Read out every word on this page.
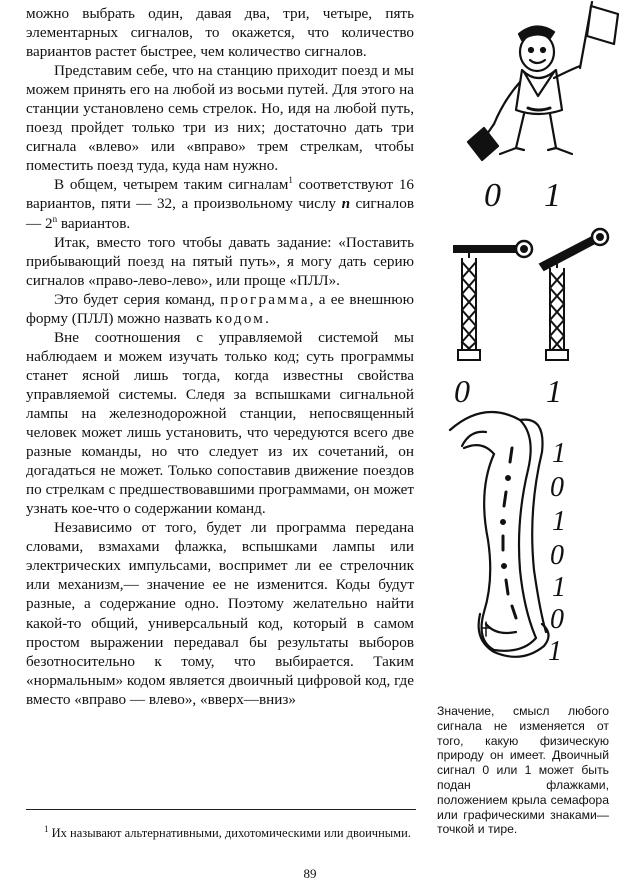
можно выбрать один, давая два, три, четыре, пять элементарных сигналов, то окажется, что количество вариантов растет быстрее, чем количество сигналов.

Представим себе, что на станцию приходит поезд и мы можем принять его на любой из восьми путей. Для этого на станции установлено семь стрелок. Но, идя на любой путь, поезд пройдет только три из них; достаточно дать три сигнала «влево» или «вправо» трем стрелкам, чтобы поместить поезд туда, куда нам нужно.

В общем, четырем таким сигналам$^1$ соответствуют 16 вариантов, пяти — 32, а произвольному числу n сигналов — 2$^n$ вариантов.

Итак, вместо того чтобы давать задание: «Поставить прибывающий поезд на пятый путь», я могу дать серию сигналов «право-лево-лево», или проще «ПЛЛ».

Это будет серия команд, программа, а ее внешнюю форму (ПЛЛ) можно назвать кодом.

Вне соотношения с управляемой системой мы наблюдаем и можем изучать только код; суть программы станет ясной лишь тогда, когда известны свойства управляемой системы. Следя за вспышками сигнальной лампы на железнодорожной станции, непосвященный человек может лишь установить, что чередуются всего две разные команды, но что следует из их сочетаний, он догадаться не может. Только сопоставив движение поездов по стрелкам с предшествовавшими программами, он может узнать кое-что о содержании команд.

Независимо от того, будет ли программа передана словами, взмахами флажка, вспышками лампы или электрических импульсами, воспримет ли ее стрелочник или механизм,— значение ее не изменится. Коды будут разные, а содержание одно. Поэтому желательно найти какой-то общий, универсальный код, который в самом простом выражении передавал бы результаты выборов безотносительно к тому, что выбирается. Таким «нормальным» кодом является двоичный цифровой код, где вместо «вправо — влево», «вверх—вниз»

$^1$ Их называют альтернативными, дихотомическими или двоичными.

89

Значение, смысл любого сигнала не изменяется от того, какую физическую природу он имеет. Двоичный сигнал 0 или 1 может быть подан флажками, положением крыла семафора или графическими знаками— точкой и тире.

0 1
0 1
1
0
1
0
1
0
1
